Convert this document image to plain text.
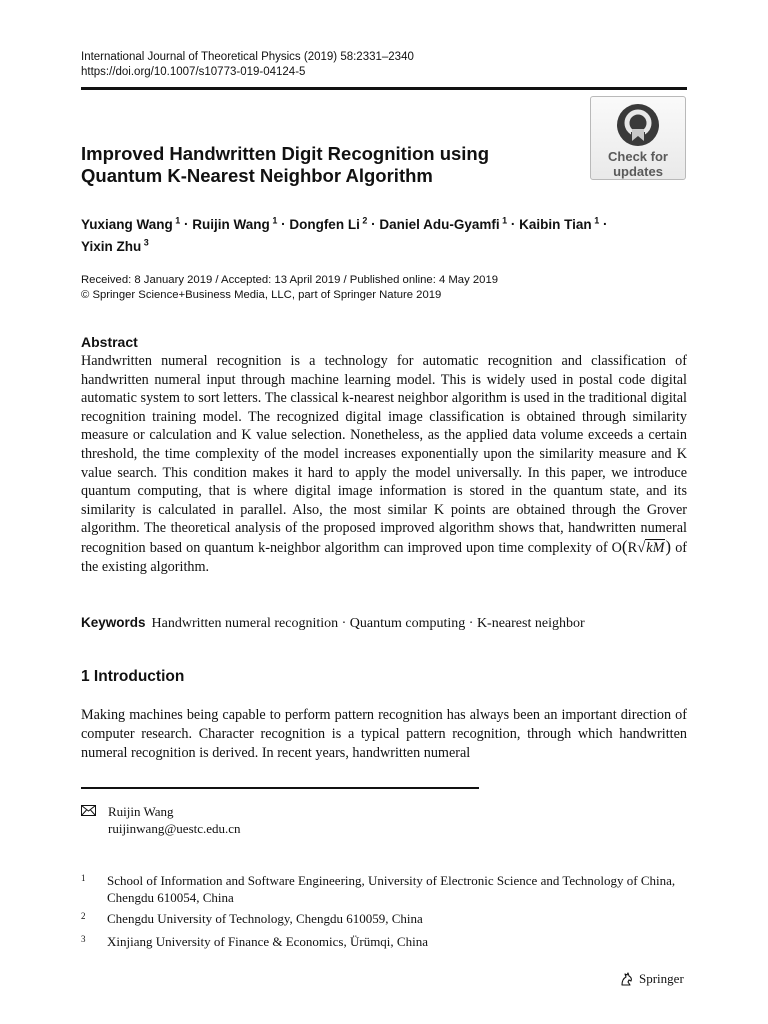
International Journal of Theoretical Physics (2019) 58:2331–2340
https://doi.org/10.1007/s10773-019-04124-5
Check for
updates
Improved Handwritten Digit Recognition using
Quantum K-Nearest Neighbor Algorithm
Yuxiang Wang $^1$ · Ruijin Wang $^1$ · Dongfen Li $^2$ · Daniel Adu-Gyamfi $^1$ · Kaibin Tian $^1$ ·
Yixin Zhu $^3$
Received: 8 January 2019 / Accepted: 13 April 2019 / Published online: 4 May 2019
© Springer Science+Business Media, LLC, part of Springer Nature 2019
Abstract

Handwritten numeral recognition is a technology for automatic recognition and classification of handwritten numeral input through machine learning model. This is widely used in postal code digital automatic system to sort letters. The classical k-nearest neighbor algorithm is used in the traditional digital recognition training model. The recognized digital image classification is obtained through similarity measure or calculation and K value selection. Nonetheless, as the applied data volume exceeds a certain threshold, the time complexity of the model increases exponentially upon the similarity measure and K value search. This condition makes it hard to apply the model universally. In this paper, we introduce quantum computing, that is where digital image information is stored in the quantum state, and its similarity is calculated in parallel. Also, the most similar K points are obtained through the Grover algorithm. The theoretical analysis of the proposed improved algorithm shows that, handwritten numeral recognition based on quantum k-neighbor algorithm can improved upon time complexity of O(R√kM) of the existing algorithm.

Keywords Handwritten numeral recognition · Quantum computing · K-nearest neighbor
1 Introduction

Making machines being capable to perform pattern recognition has always been an important direction of computer research. Character recognition is a typical pattern recognition, through which handwritten numeral recognition is derived. In recent years, handwritten numeral

Ruijin Wang
ruijinwang@uestc.edu.cn
1 School of Information and Software Engineering, University of Electronic Science and Technology of China, Chengdu 610054, China
2 Chengdu University of Technology, Chengdu 610059, China
3 Xinjiang University of Finance & Economics, Ürümqi, China
Springer
